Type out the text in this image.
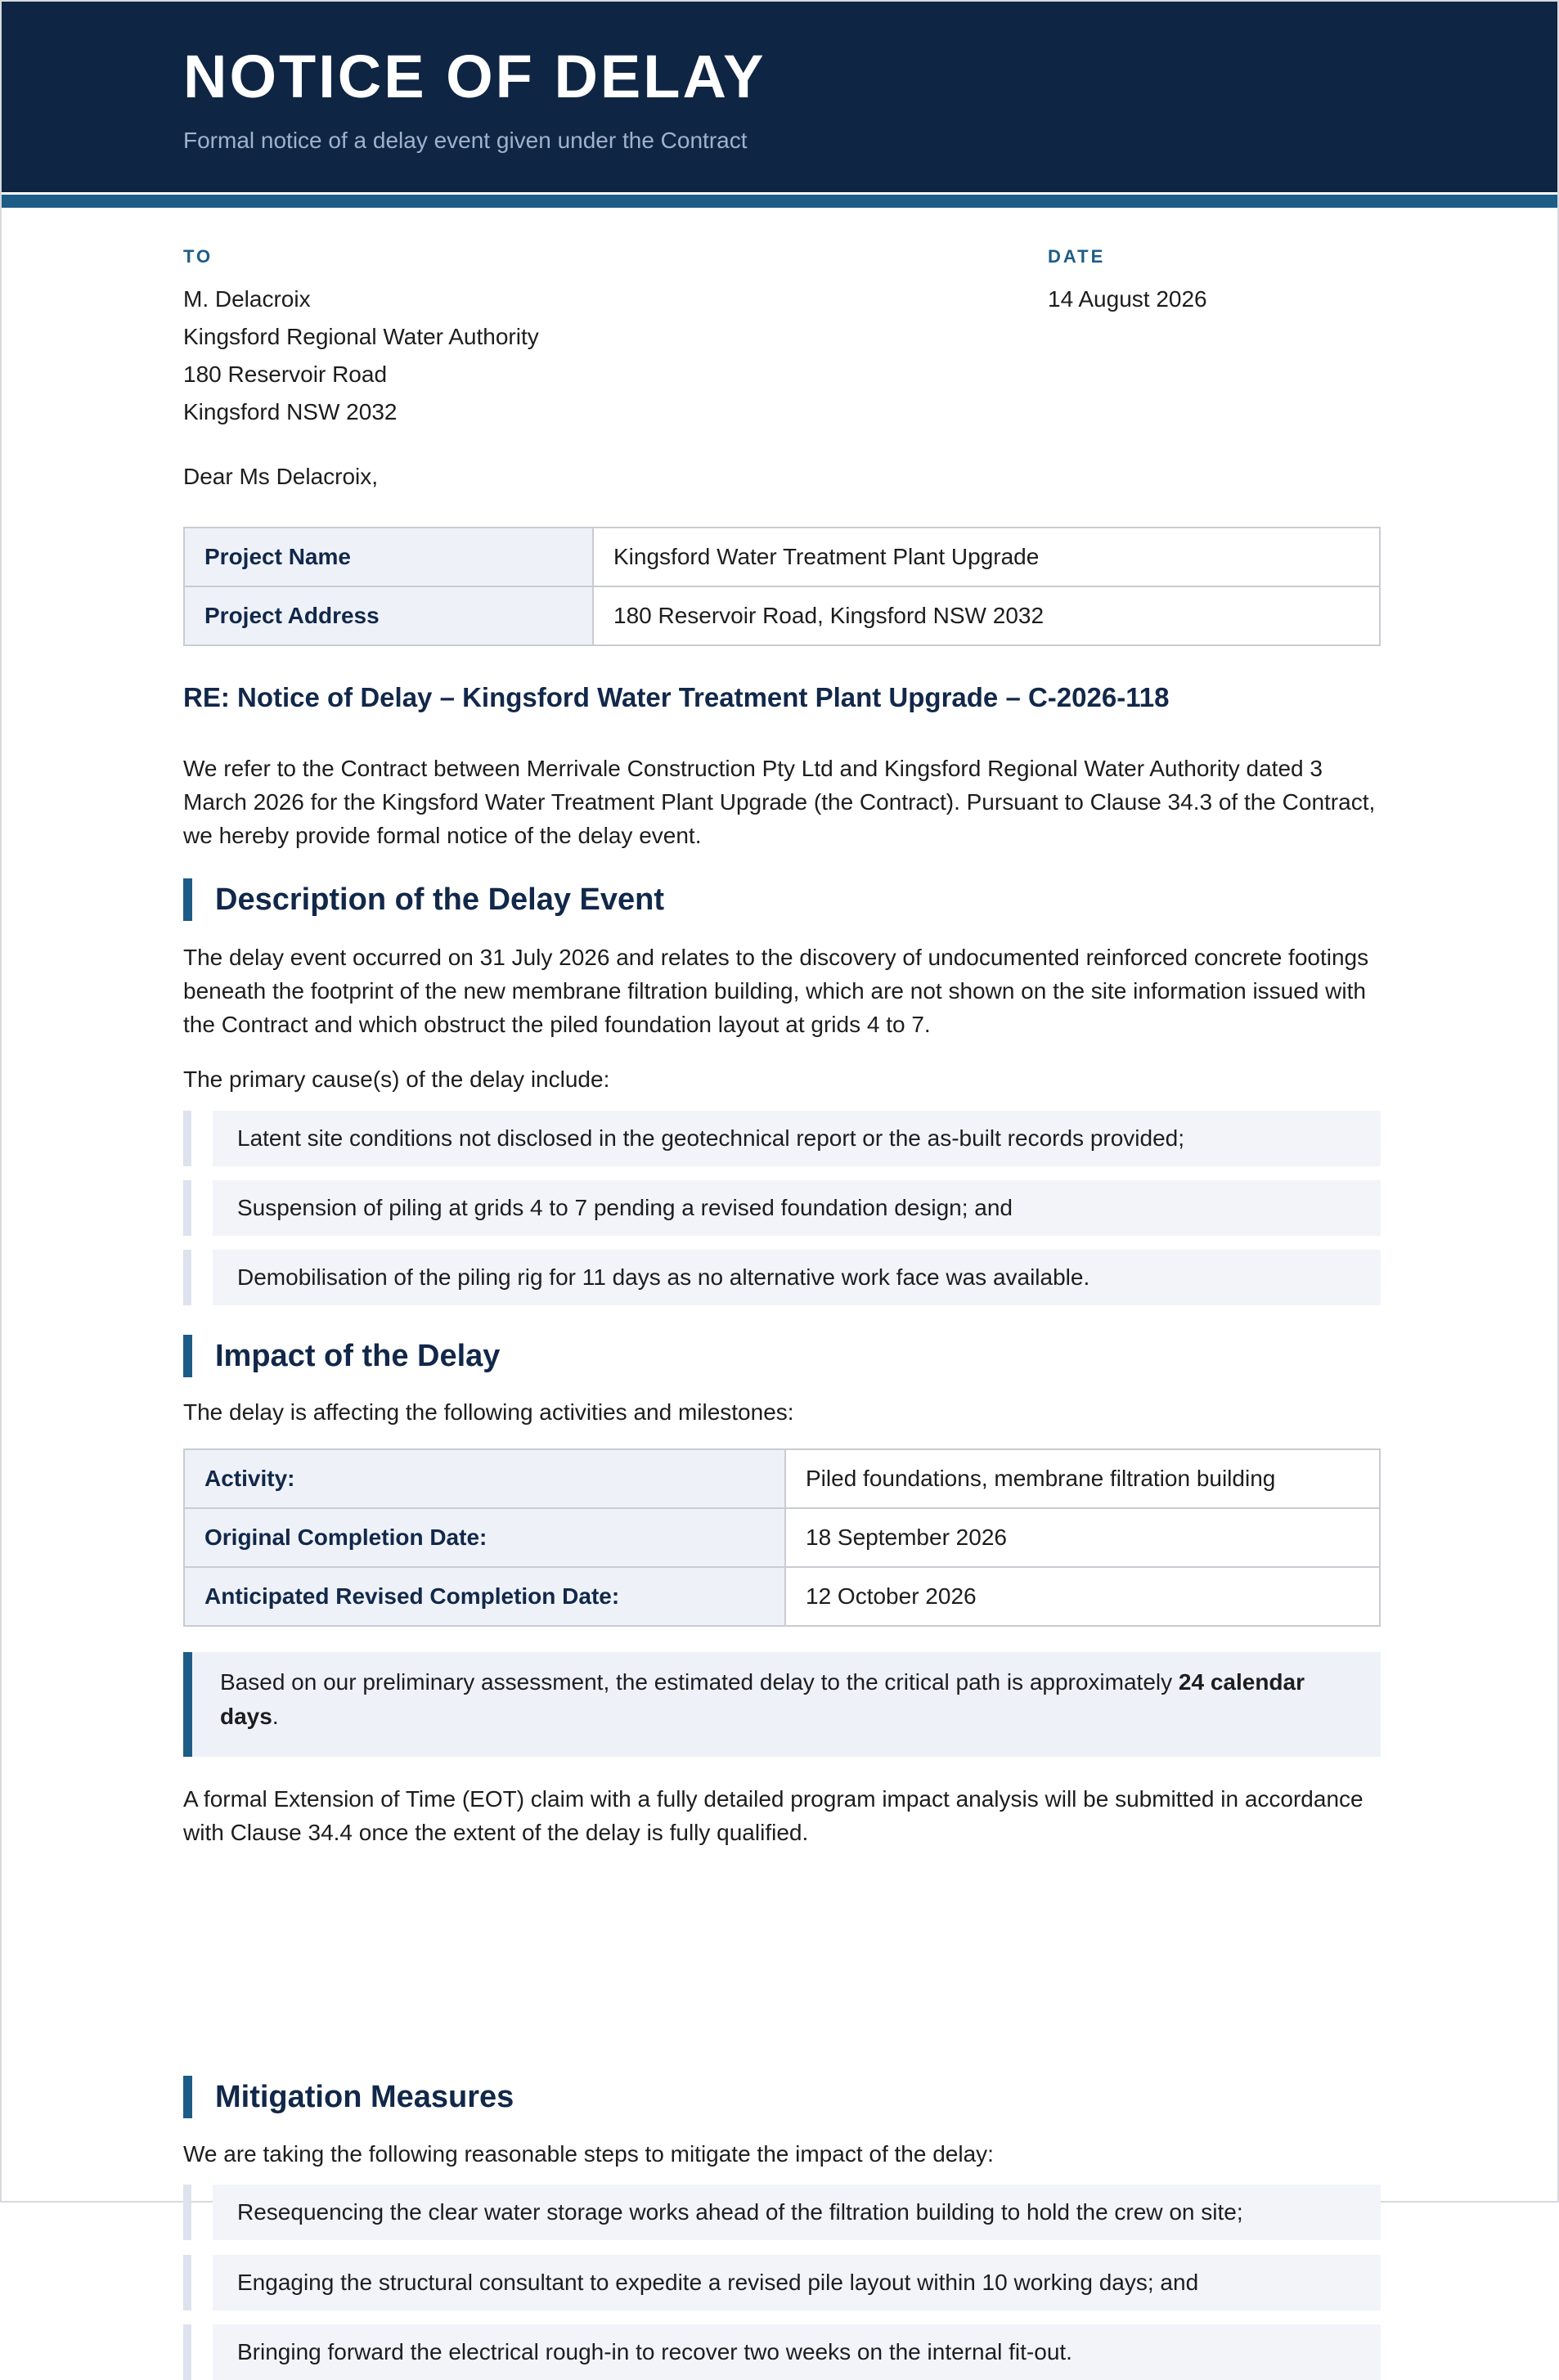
NOTICE OF DELAY
Formal notice of a delay event given under the Contract
TO
M. Delacroix
Kingsford Regional Water Authority
180 Reservoir Road
Kingsford NSW 2032
DATE
14 August 2026
Dear Ms Delacroix,
Project Name	Kingsford Water Treatment Plant Upgrade
Project Address	180 Reservoir Road, Kingsford NSW 2032
RE: Notice of Delay – Kingsford Water Treatment Plant Upgrade – C-2026-118
We refer to the Contract between Merrivale Construction Pty Ltd and Kingsford Regional Water Authority dated 3 March 2026 for the Kingsford Water Treatment Plant Upgrade (the Contract). Pursuant to Clause 34.3 of the Contract, we hereby provide formal notice of the delay event.
Description of the Delay Event
The delay event occurred on 31 July 2026 and relates to the discovery of undocumented reinforced concrete footings beneath the footprint of the new membrane filtration building, which are not shown on the site information issued with the Contract and which obstruct the piled foundation layout at grids 4 to 7.
The primary cause(s) of the delay include:
Latent site conditions not disclosed in the geotechnical report or the as-built records provided;
Suspension of piling at grids 4 to 7 pending a revised foundation design; and
Demobilisation of the piling rig for 11 days as no alternative work face was available.
Impact of the Delay
The delay is affecting the following activities and milestones:
Activity:	Piled foundations, membrane filtration building
Original Completion Date:	18 September 2026
Anticipated Revised Completion Date:	12 October 2026
Based on our preliminary assessment, the estimated delay to the critical path is approximately 24 calendar days.
A formal Extension of Time (EOT) claim with a fully detailed program impact analysis will be submitted in accordance with Clause 34.4 once the extent of the delay is fully qualified.
Mitigation Measures
We are taking the following reasonable steps to mitigate the impact of the delay:
Resequencing the clear water storage works ahead of the filtration building to hold the crew on site;
Engaging the structural consultant to expedite a revised pile layout within 10 working days; and
Bringing forward the electrical rough-in to recover two weeks on the internal fit-out.
